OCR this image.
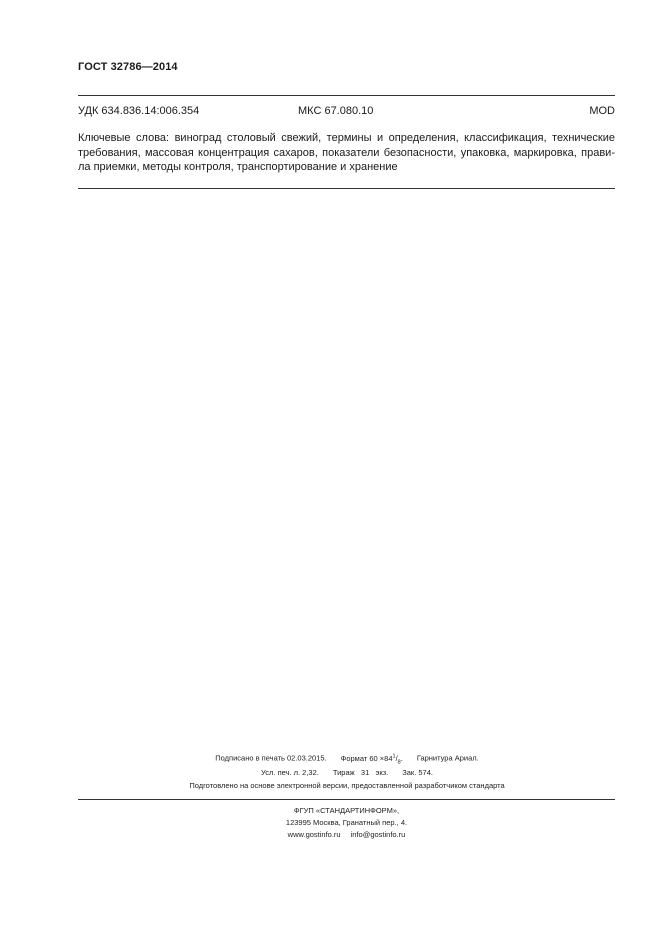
ГОСТ 32786—2014
УДК 634.836.14:006.354	МКС 67.080.10	MOD
Ключевые слова: виноград столовый свежий, термины и определения, классификация, технические
требования, массовая концентрация сахаров, показатели безопасности, упаковка, маркировка, прави-
ла приемки, методы контроля, транспортирование и хранение
Подписано в печать 02.03.2015. Формат $60 \times 84^1/_8$. Гарнитура Ариал.
Усл. печ. л. 2,32. Тираж   31   экз. Зак. 574.
Подготовлено на основе электронной версии, предоставленной разработчиком стандарта
ФГУП «СТАНДАРТИНФОРМ»,
123995 Москва, Гранатный пер., 4.
www.gostinfo.ru info@gostinfo.ru
